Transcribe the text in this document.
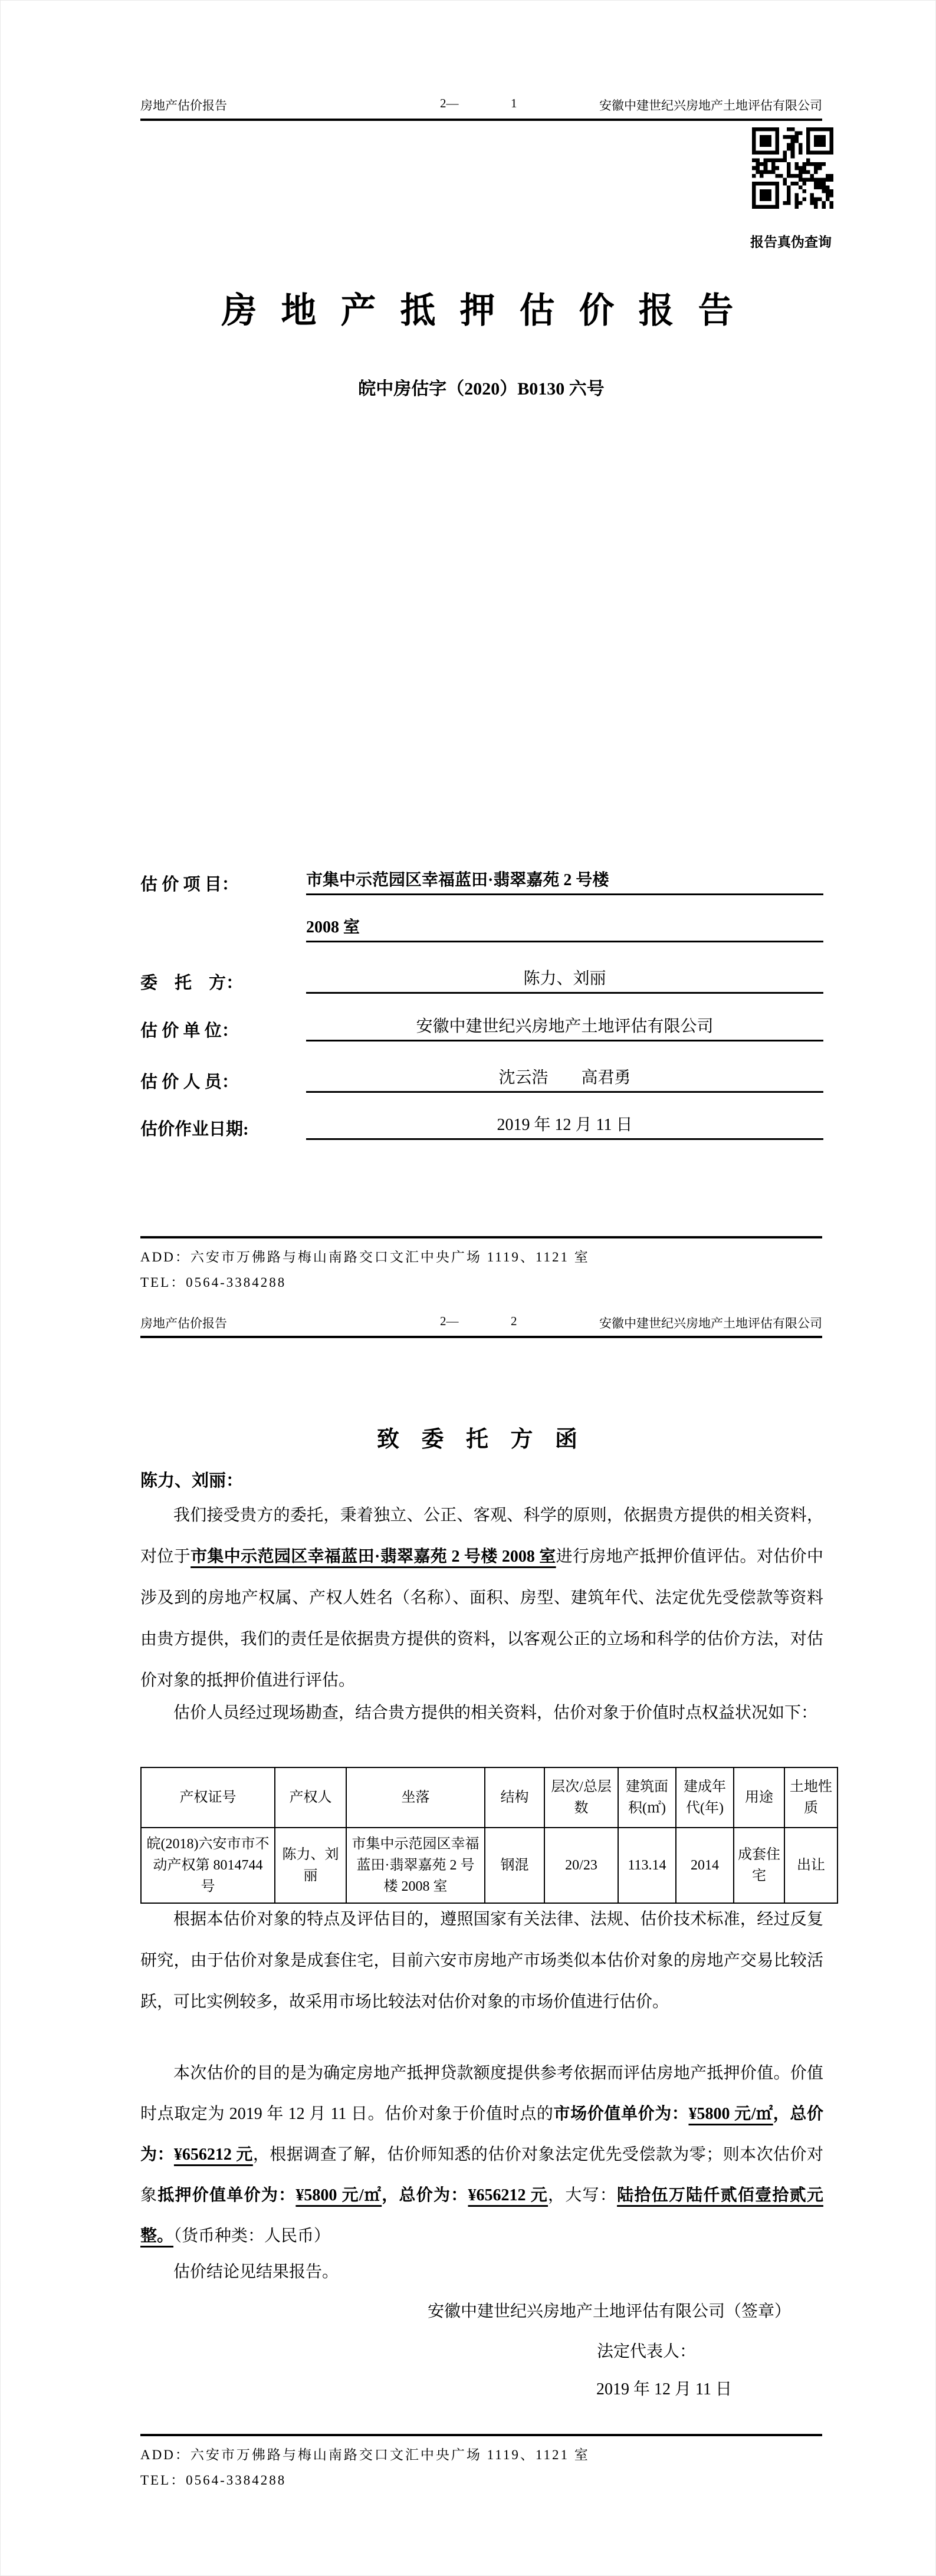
房地产估价报告	2—	1	安徽中建世纪兴房地产土地评估有限公司
报告真伪查询
房 地 产 抵 押 估 价 报 告
皖中房估字（2020）B0130 六号
估 价 项 目：	市集中示范园区幸福蓝田·翡翠嘉苑 2 号楼
2008 室
委　托　方：	陈力、刘丽
估 价 单 位：	安徽中建世纪兴房地产土地评估有限公司
估 价 人 员：	沈云浩　　高君勇
估价作业日期:	2019 年 12 月 11 日
ADD：六安市万佛路与梅山南路交口文汇中央广场 1119、1121 室
TEL：0564-3384288
房地产估价报告	2—	2	安徽中建世纪兴房地产土地评估有限公司
致 委 托 方 函
陈力、刘丽：
我们接受贵方的委托，秉着独立、公正、客观、科学的原则，依据贵方提供的相关资料，对位于市集中示范园区幸福蓝田·翡翠嘉苑 2 号楼 2008 室进行房地产抵押价值评估。对估价中涉及到的房地产权属、产权人姓名（名称）、面积、房型、建筑年代、法定优先受偿款等资料由贵方提供，我们的责任是依据贵方提供的资料，以客观公正的立场和科学的估价方法，对估价对象的抵押价值进行评估。
估价人员经过现场勘查，结合贵方提供的相关资料，估价对象于价值时点权益状况如下：
产权证号	产权人	坐落	结构	层次/总层数	建筑面积(㎡)	建成年代(年)	用途	土地性质
皖(2018)六安市市不动产权第 8014744 号	陈力、刘丽	市集中示范园区幸福蓝田·翡翠嘉苑 2 号楼 2008 室	钢混	20/23	113.14	2014	成套住宅	出让
根据本估价对象的特点及评估目的，遵照国家有关法律、法规、估价技术标准，经过反复研究，由于估价对象是成套住宅，目前六安市房地产市场类似本估价对象的房地产交易比较活跃，可比实例较多，故采用市场比较法对估价对象的市场价值进行估价。
本次估价的目的是为确定房地产抵押贷款额度提供参考依据而评估房地产抵押价值。价值时点取定为 2019 年 12 月 11 日。估价对象于价值时点的市场价值单价为：¥5800 元/㎡，总价为：¥656212 元，根据调查了解，估价师知悉的估价对象法定优先受偿款为零；则本次估价对象抵押价值单价为：¥5800 元/㎡，总价为：¥656212 元，大写：陆拾伍万陆仟贰佰壹拾贰元整。（货币种类：人民币）
估价结论见结果报告。
安徽中建世纪兴房地产土地评估有限公司（签章）
法定代表人：
2019 年 12 月 11 日
ADD：六安市万佛路与梅山南路交口文汇中央广场 1119、1121 室
TEL：0564-3384288
